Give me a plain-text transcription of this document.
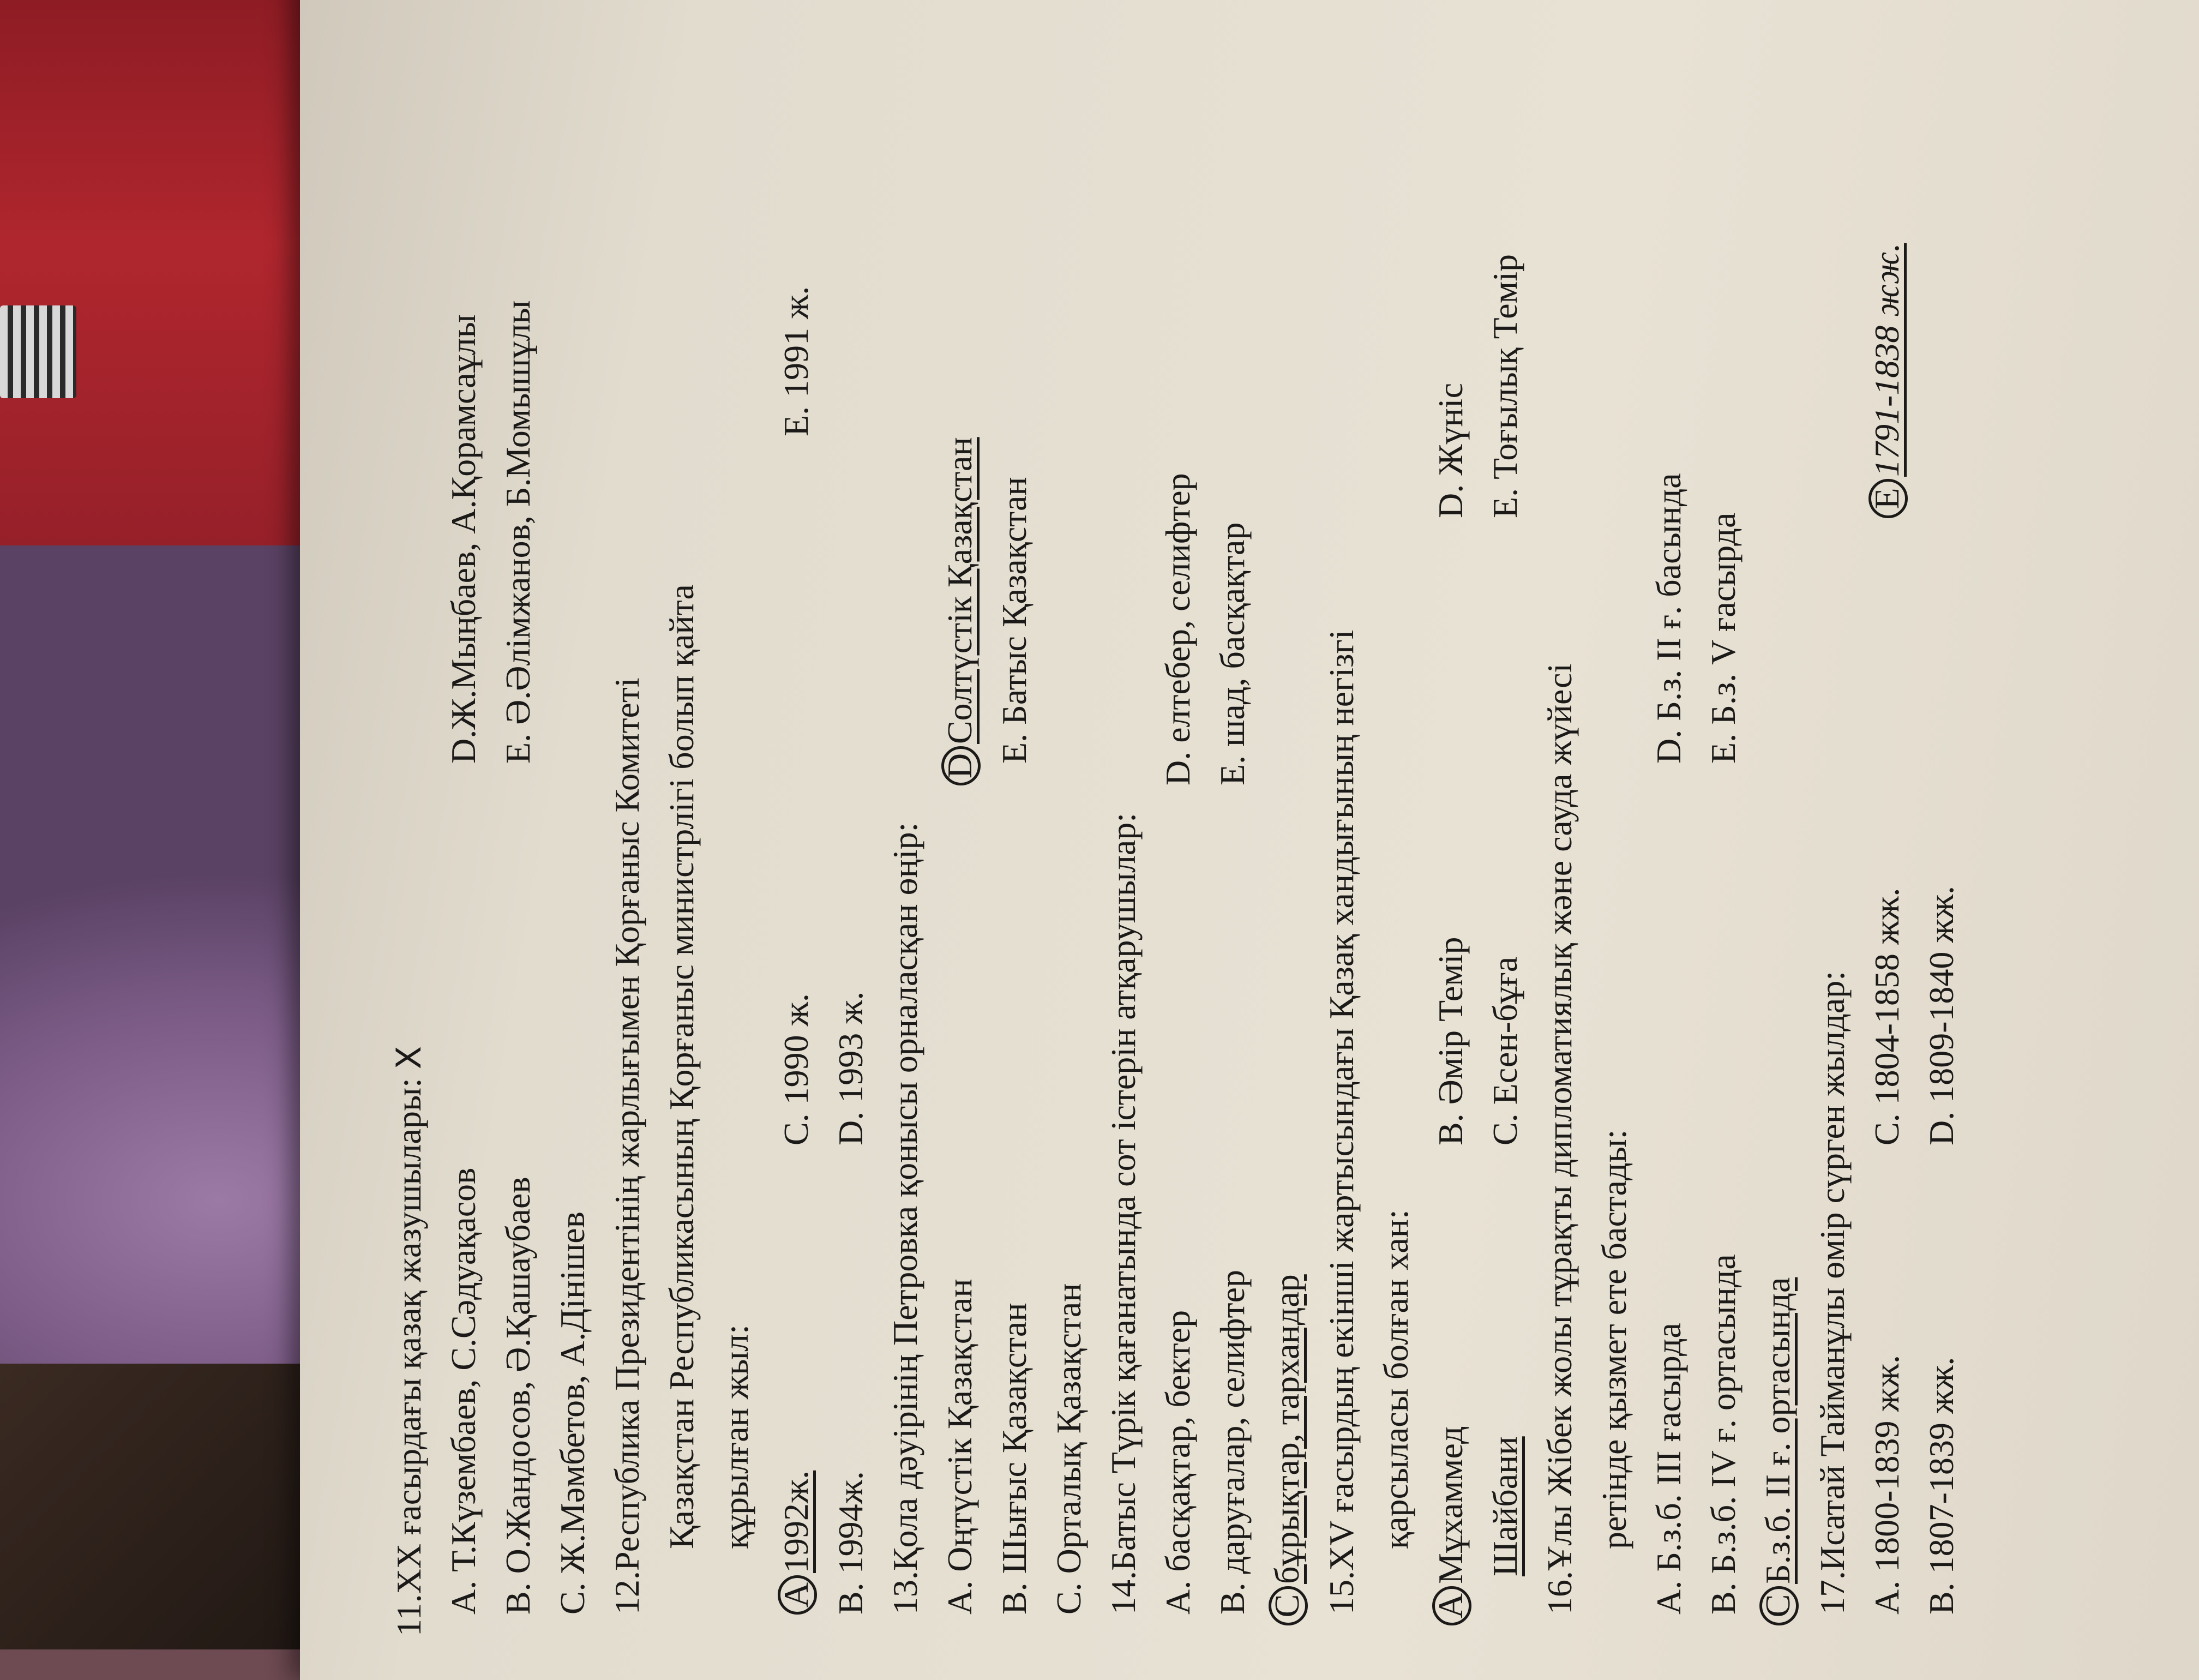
11.XX ғасырдағы қазақ жазушылары: X
A. Т.Күзембаев, С.Сәдуақасов B. О.Жандосов, Ә.Қашаубаев C. Ж.Мәмбетов, А.Дінішев
D.Ж.Мыңбаев, А.Қорамсаұлы E. Ә.Әлімжанов, Б.Момышұлы
12.Республика Президентінің жарлығымен Қорғаныс Комитеті Қазақстан Республикасының Қорғаныс министрлігі болып қайта құрылған жыл:
A1992ж. B. 1994ж.
C. 1990 ж. D. 1993 ж.
E. 1991 ж.
13.Қола дәуірінің Петровка қонысы орналасқан өңір: A. Оңтүстік Қазақстан B. Шығыс Қазақстан C. Орталық Қазақстан
DСолтүстік Қазақстан E. Батыс Қазақстан
14.Батыс Түрік қағанатында сот істерін атқарушылар: A. басқақтар, бектер B. даруғалар, селифтер Cбұрықтар, тархандар
D. елтебер, селифтер E. шад, басқақтар 15.XV ғасырдың екінші жартысындағы Қазақ хандығының негізгі қарсыласы болған хан:
AМұхаммед Шайбани
B. Әмір Темір C. Есен-бұға
D. Жүніс E. Тоғылық Темір
16.Ұлы Жібек жолы тұрақты дипломатиялық және сауда жүйесі ретінде қызмет ете бастады: A. Б.з.б. III ғасырда B. Б.з.б. IV ғ. ортасында CБ.з.б. II ғ. ортасында
D. Б.з. II ғ. басында E. Б.з. V ғасырда
17.Исатай Тайманұлы өмір сүрген жылдар: A. 1800-1839 жж. B. 1807-1839 жж.
C. 1804-1858 жж. D. 1809-1840 жж.
E1791-1838 жж.
